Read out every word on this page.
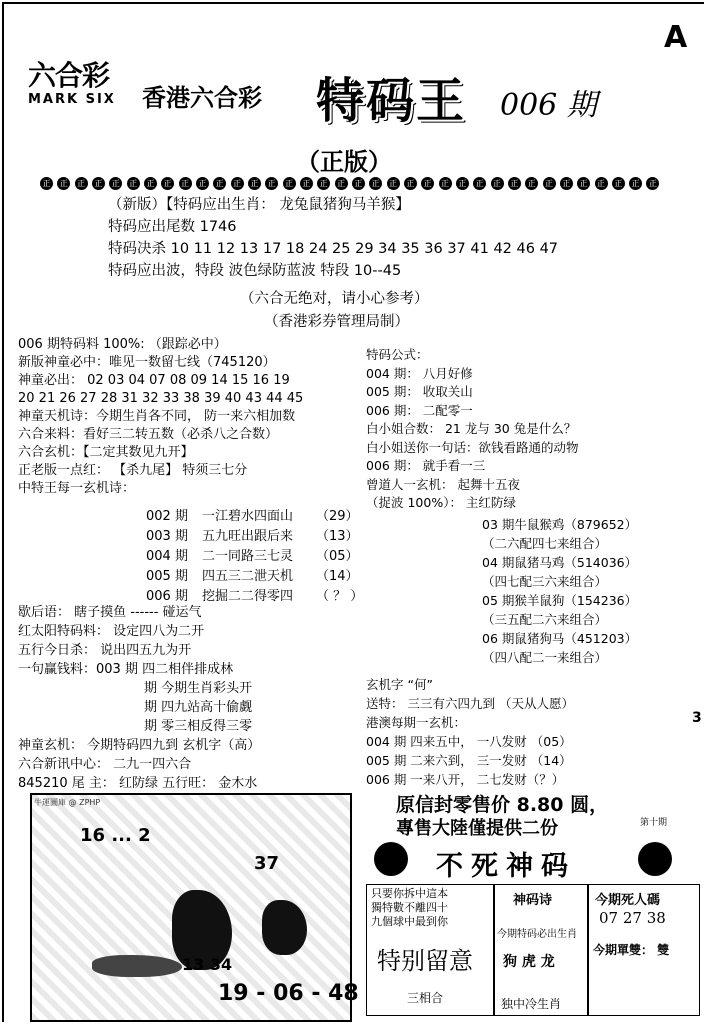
A
六合彩
MARK SIX 香港六合彩 特码王 006 期
（正版）
正	正	正	正	正	正	正	正	正	正	正	正	正	正	正	正	正	正	正	正	正	正	正	正	正	正	正	正	正	正	正	正	正	正	正	正
（新版）【特码应出生肖： 龙兔鼠猪狗马羊猴】
特码应出尾数 1746
特码决杀 10 11 12 13 17 18 24 25 29 34 35 36 37 41 42 46 47
特码应出波，特段 波色绿防蓝波 特段 10--45
（六合无绝对，请小心参考）
（香港彩券管理局制）
006 期特码料 100%: （跟踪必中）
新版神童必中：唯见一数留七线（745120）
神童必出： 02 03 04 07 08 09 14 15 16 19
20 21 26 27 28 31 32 33 38 39 40 43 44 45
神童天机诗：今期生肖各不同， 防一来六相加数
六合来料：看好三二转五数（必杀八之合数）
六合玄机：【二定其数见九开】
正老版一点红： 【杀九尾】 特须三七分
中特王每一玄机诗：
002 期 一江碧水四面山 （29）
003 期 五九旺出跟后来 （13）
004 期 二一同路三七灵 （05）
005 期 四五三二泄天机 （14）
006 期 挖掘二二得零四 （ ？ ）
歇后语： 瞎子摸鱼 ------ 碰运气
红太阳特码料： 设定四八为二开
五行今日杀： 说出四五九为开
一句赢钱料：003 期 四二相伴排成林
期 今期生肖彩头开
期 四九站高十偷觑
期 零三相反得三零
神童玄机： 今期特码四九到 玄机字（高）
六合新讯中心： 二九一四六合
845210 尾 主： 红防绿 五行旺： 金木水
特码公式：
004 期： 八月好修
005 期： 收取关山
006 期： 二配零一
白小姐合数： 21 龙与 30 兔是什么？
白小姐送你一句话：欲钱看路通的动物
006 期： 就手看一三
曾道人一玄机： 起舞十五夜
（捉波 100%）： 主红防绿
03 期牛鼠猴鸡（879652）
（二六配四七来组合）
04 期鼠猪马鸡（514036）
（四七配三六来组合）
05 期猴羊鼠狗（154236）
（三五配二六来组合）
06 期鼠猪狗马（451203）
（四八配二一来组合）
玄机字 “何”
送特： 三三有六四九到 （天从人愿）
港澳每期一玄机：
004 期 四来五中， 一八发财 （05）
005 期 二来六到， 三一发财 （14）
006 期 一来八开， 二七发财（？）
3
牛運圖庫 @ ZPHP
16 ... 2
37
13 34
19 - 06 - 48
原信封零售价 8.80 圆，
專售大陸僅提供二份	第十期
不死神码
只要你拆中這本
獨特數不離四十
九個球中最到你
特别留意
三相合
神码诗
今期特码必出生肖
狗 虎 龙
独中冷生肖
今期死人碼
07 27 38
今期單雙： 雙
